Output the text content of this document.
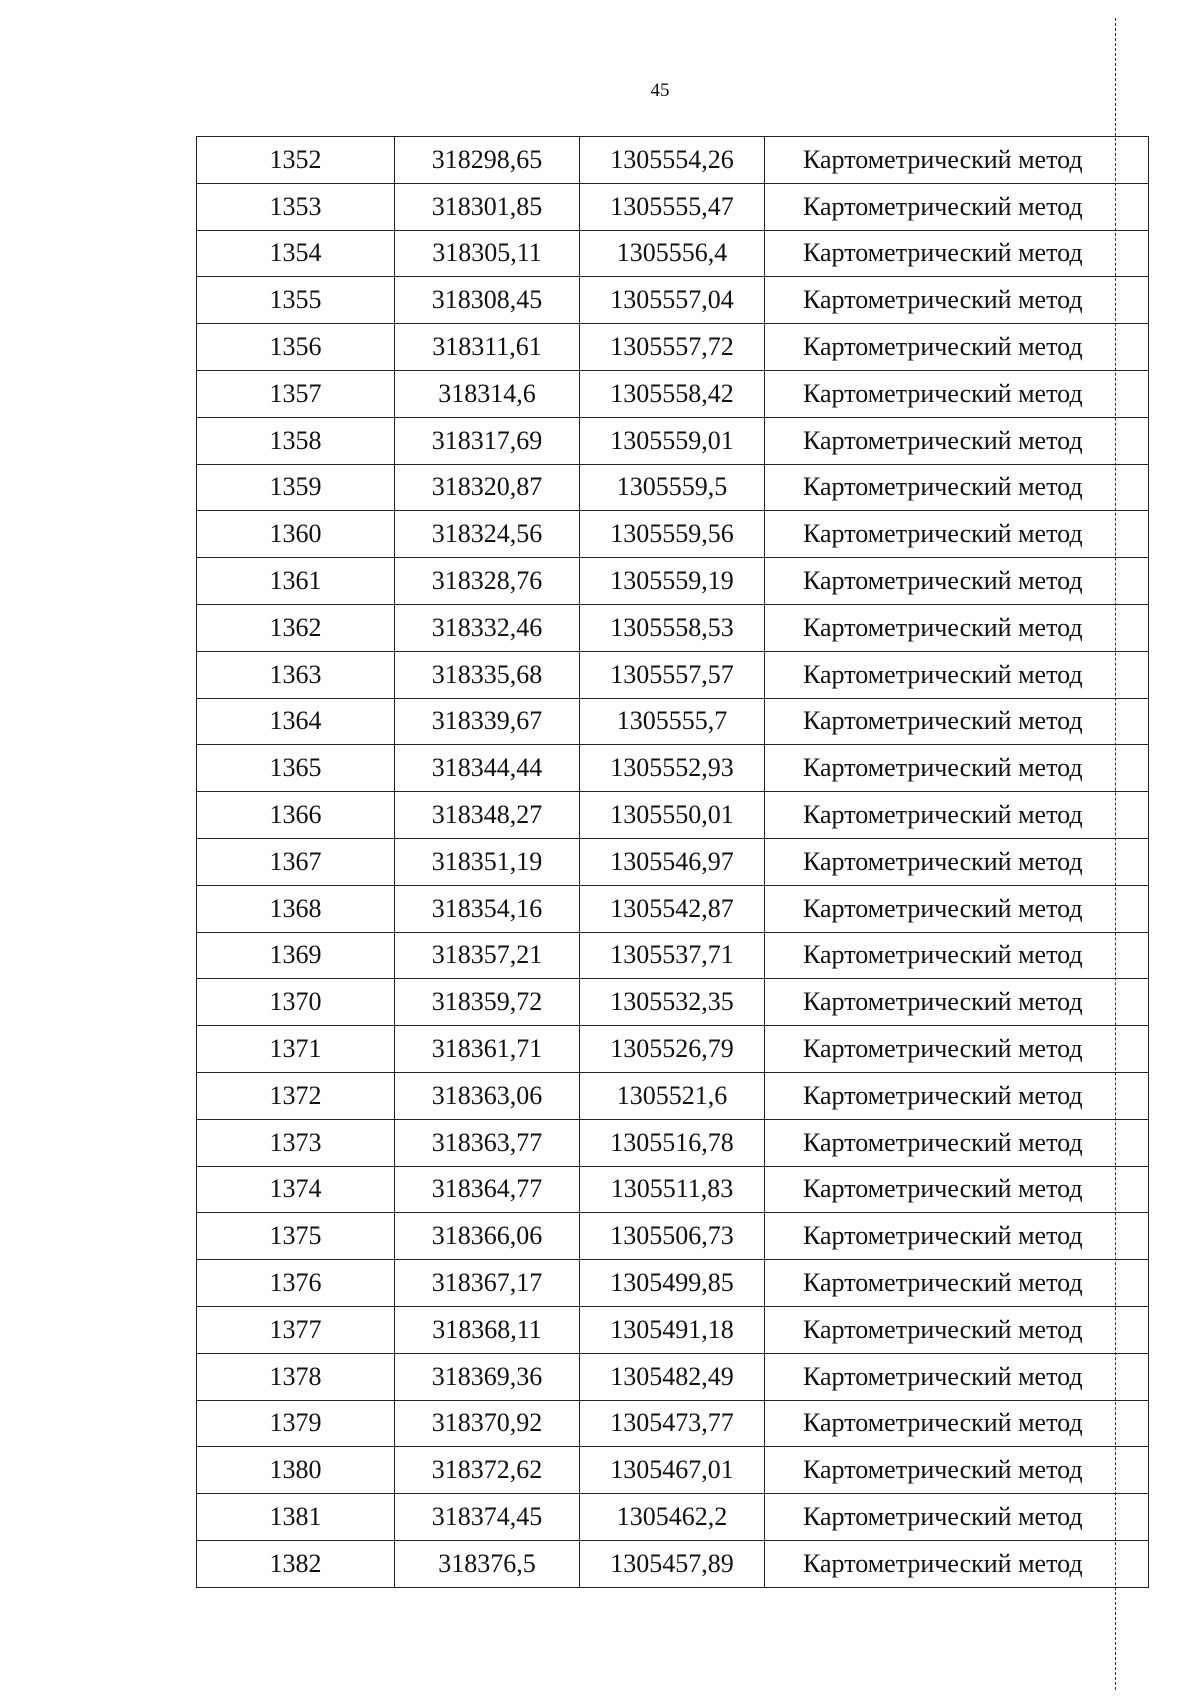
45
1352	318298,65	1305554,26	Картометрический метод
1353	318301,85	1305555,47	Картометрический метод
1354	318305,11	1305556,4	Картометрический метод
1355	318308,45	1305557,04	Картометрический метод
1356	318311,61	1305557,72	Картометрический метод
1357	318314,6	1305558,42	Картометрический метод
1358	318317,69	1305559,01	Картометрический метод
1359	318320,87	1305559,5	Картометрический метод
1360	318324,56	1305559,56	Картометрический метод
1361	318328,76	1305559,19	Картометрический метод
1362	318332,46	1305558,53	Картометрический метод
1363	318335,68	1305557,57	Картометрический метод
1364	318339,67	1305555,7	Картометрический метод
1365	318344,44	1305552,93	Картометрический метод
1366	318348,27	1305550,01	Картометрический метод
1367	318351,19	1305546,97	Картометрический метод
1368	318354,16	1305542,87	Картометрический метод
1369	318357,21	1305537,71	Картометрический метод
1370	318359,72	1305532,35	Картометрический метод
1371	318361,71	1305526,79	Картометрический метод
1372	318363,06	1305521,6	Картометрический метод
1373	318363,77	1305516,78	Картометрический метод
1374	318364,77	1305511,83	Картометрический метод
1375	318366,06	1305506,73	Картометрический метод
1376	318367,17	1305499,85	Картометрический метод
1377	318368,11	1305491,18	Картометрический метод
1378	318369,36	1305482,49	Картометрический метод
1379	318370,92	1305473,77	Картометрический метод
1380	318372,62	1305467,01	Картометрический метод
1381	318374,45	1305462,2	Картометрический метод
1382	318376,5	1305457,89	Картометрический метод
